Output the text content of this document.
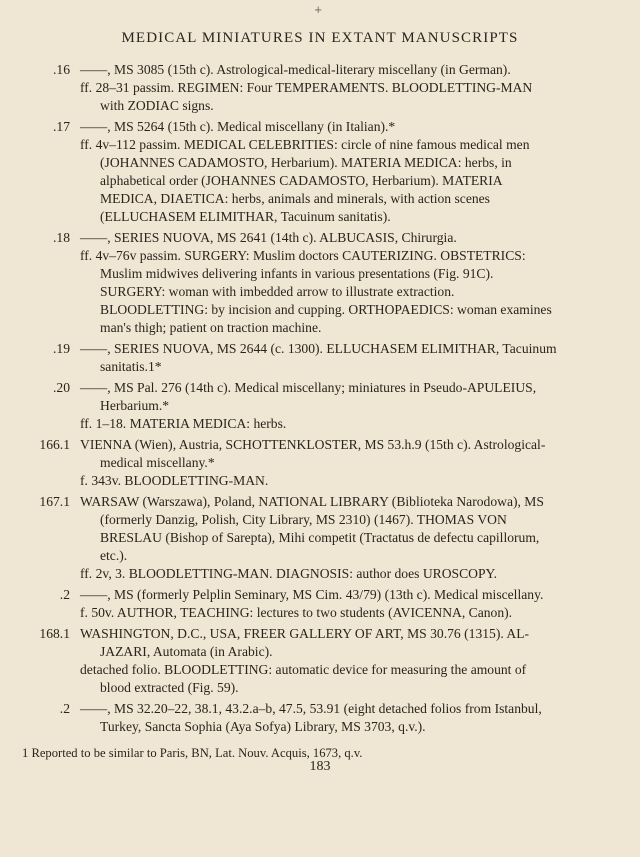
+
MEDICAL MINIATURES IN EXTANT MANUSCRIPTS
.16 ——, MS 3085 (15th c). Astrological-medical-literary miscellany (in German).

ff. 28–31 passim. REGIMEN: Four TEMPERAMENTS. BLOODLETTING-MAN with ZODIAC signs.

.17 ——, MS 5264 (15th c). Medical miscellany (in Italian).*

ff. 4v–112 passim. MEDICAL CELEBRITIES: circle of nine famous medical men (JOHANNES CADAMOSTO, Herbarium). MATERIA MEDICA: herbs, in alphabetical order (JOHANNES CADAMOSTO, Herbarium). MATERIA MEDICA, DIAETICA: herbs, animals and minerals, with action scenes (ELLUCHASEM ELIMITHAR, Tacuinum sanitatis).

.18 ——, SERIES NUOVA, MS 2641 (14th c). ALBUCASIS, Chirurgia.

ff. 4v–76v passim. SURGERY: Muslim doctors CAUTERIZING. OBSTETRICS: Muslim midwives delivering infants in various presentations (Fig. 91C). SURGERY: woman with imbedded arrow to illustrate extraction. BLOODLETTING: by incision and cupping. ORTHOPAEDICS: woman examines man's thigh; patient on traction machine.

.19 ——, SERIES NUOVA, MS 2644 (c. 1300). ELLUCHASEM ELIMITHAR, Tacuinum sanitatis.1*

.20 ——, MS Pal. 276 (14th c). Medical miscellany; miniatures in Pseudo-APULEIUS, Herbarium.*

ff. 1–18. MATERIA MEDICA: herbs.

166.1 VIENNA (Wien), Austria, SCHOTTENKLOSTER, MS 53.h.9 (15th c). Astrological-medical miscellany.*

f. 343v. BLOODLETTING-MAN.

167.1 WARSAW (Warszawa), Poland, NATIONAL LIBRARY (Biblioteka Narodowa), MS (formerly Danzig, Polish, City Library, MS 2310) (1467). THOMAS VON BRESLAU (Bishop of Sarepta), Mihi competit (Tractatus de defectu capillorum, etc.).

ff. 2v, 3. BLOODLETTING-MAN. DIAGNOSIS: author does UROSCOPY.

.2 ——, MS (formerly Pelplin Seminary, MS Cim. 43/79) (13th c). Medical miscellany.

f. 50v. AUTHOR, TEACHING: lectures to two students (AVICENNA, Canon).

168.1 WASHINGTON, D.C., USA, FREER GALLERY OF ART, MS 30.76 (1315). AL-JAZARI, Automata (in Arabic).

detached folio. BLOODLETTING: automatic device for measuring the amount of blood extracted (Fig. 59).

.2 ——, MS 32.20–22, 38.1, 43.2.a–b, 47.5, 53.91 (eight detached folios from Istanbul, Turkey, Sancta Sophia (Aya Sofya) Library, MS 3703, q.v.).

1 Reported to be similar to Paris, BN, Lat. Nouv. Acquis, 1673, q.v.
183
